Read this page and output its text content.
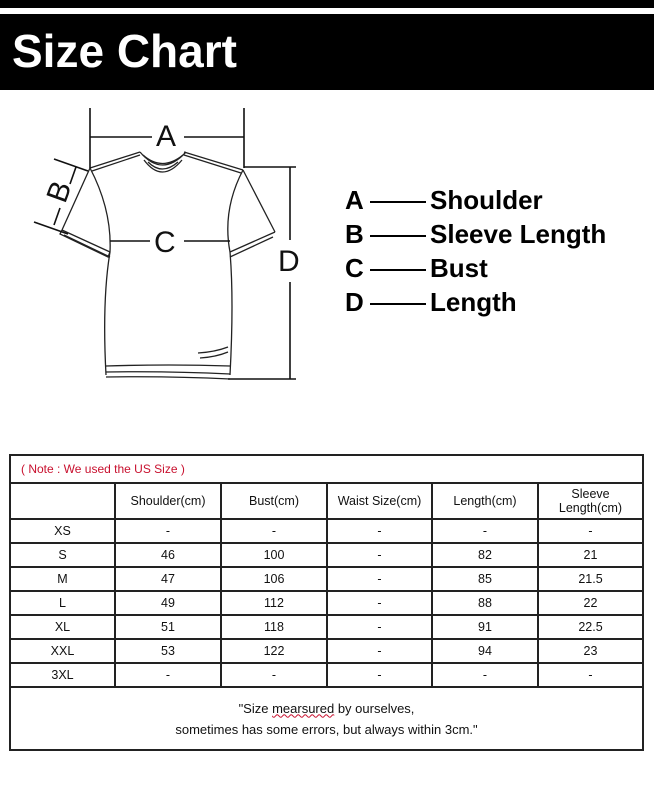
Size Chart
A
B
C
D
A	Shoulder
B	Sleeve Length
C	Bust
D	Length
( Note : We used the US Size )					
	Shoulder(cm)	Bust(cm)	Waist Size(cm)	Length(cm)	Sleeve
Length(cm)
XS	-	-	-	-	-
S	46	100	-	82	21
M	47	106	-	85	21.5
L	49	112	-	88	22
XL	51	118	-	91	22.5
XXL	53	122	-	94	23
3XL	-	-	-	-	-
"Size mearsured by ourselves,
sometimes has some errors, but always within 3cm."					
